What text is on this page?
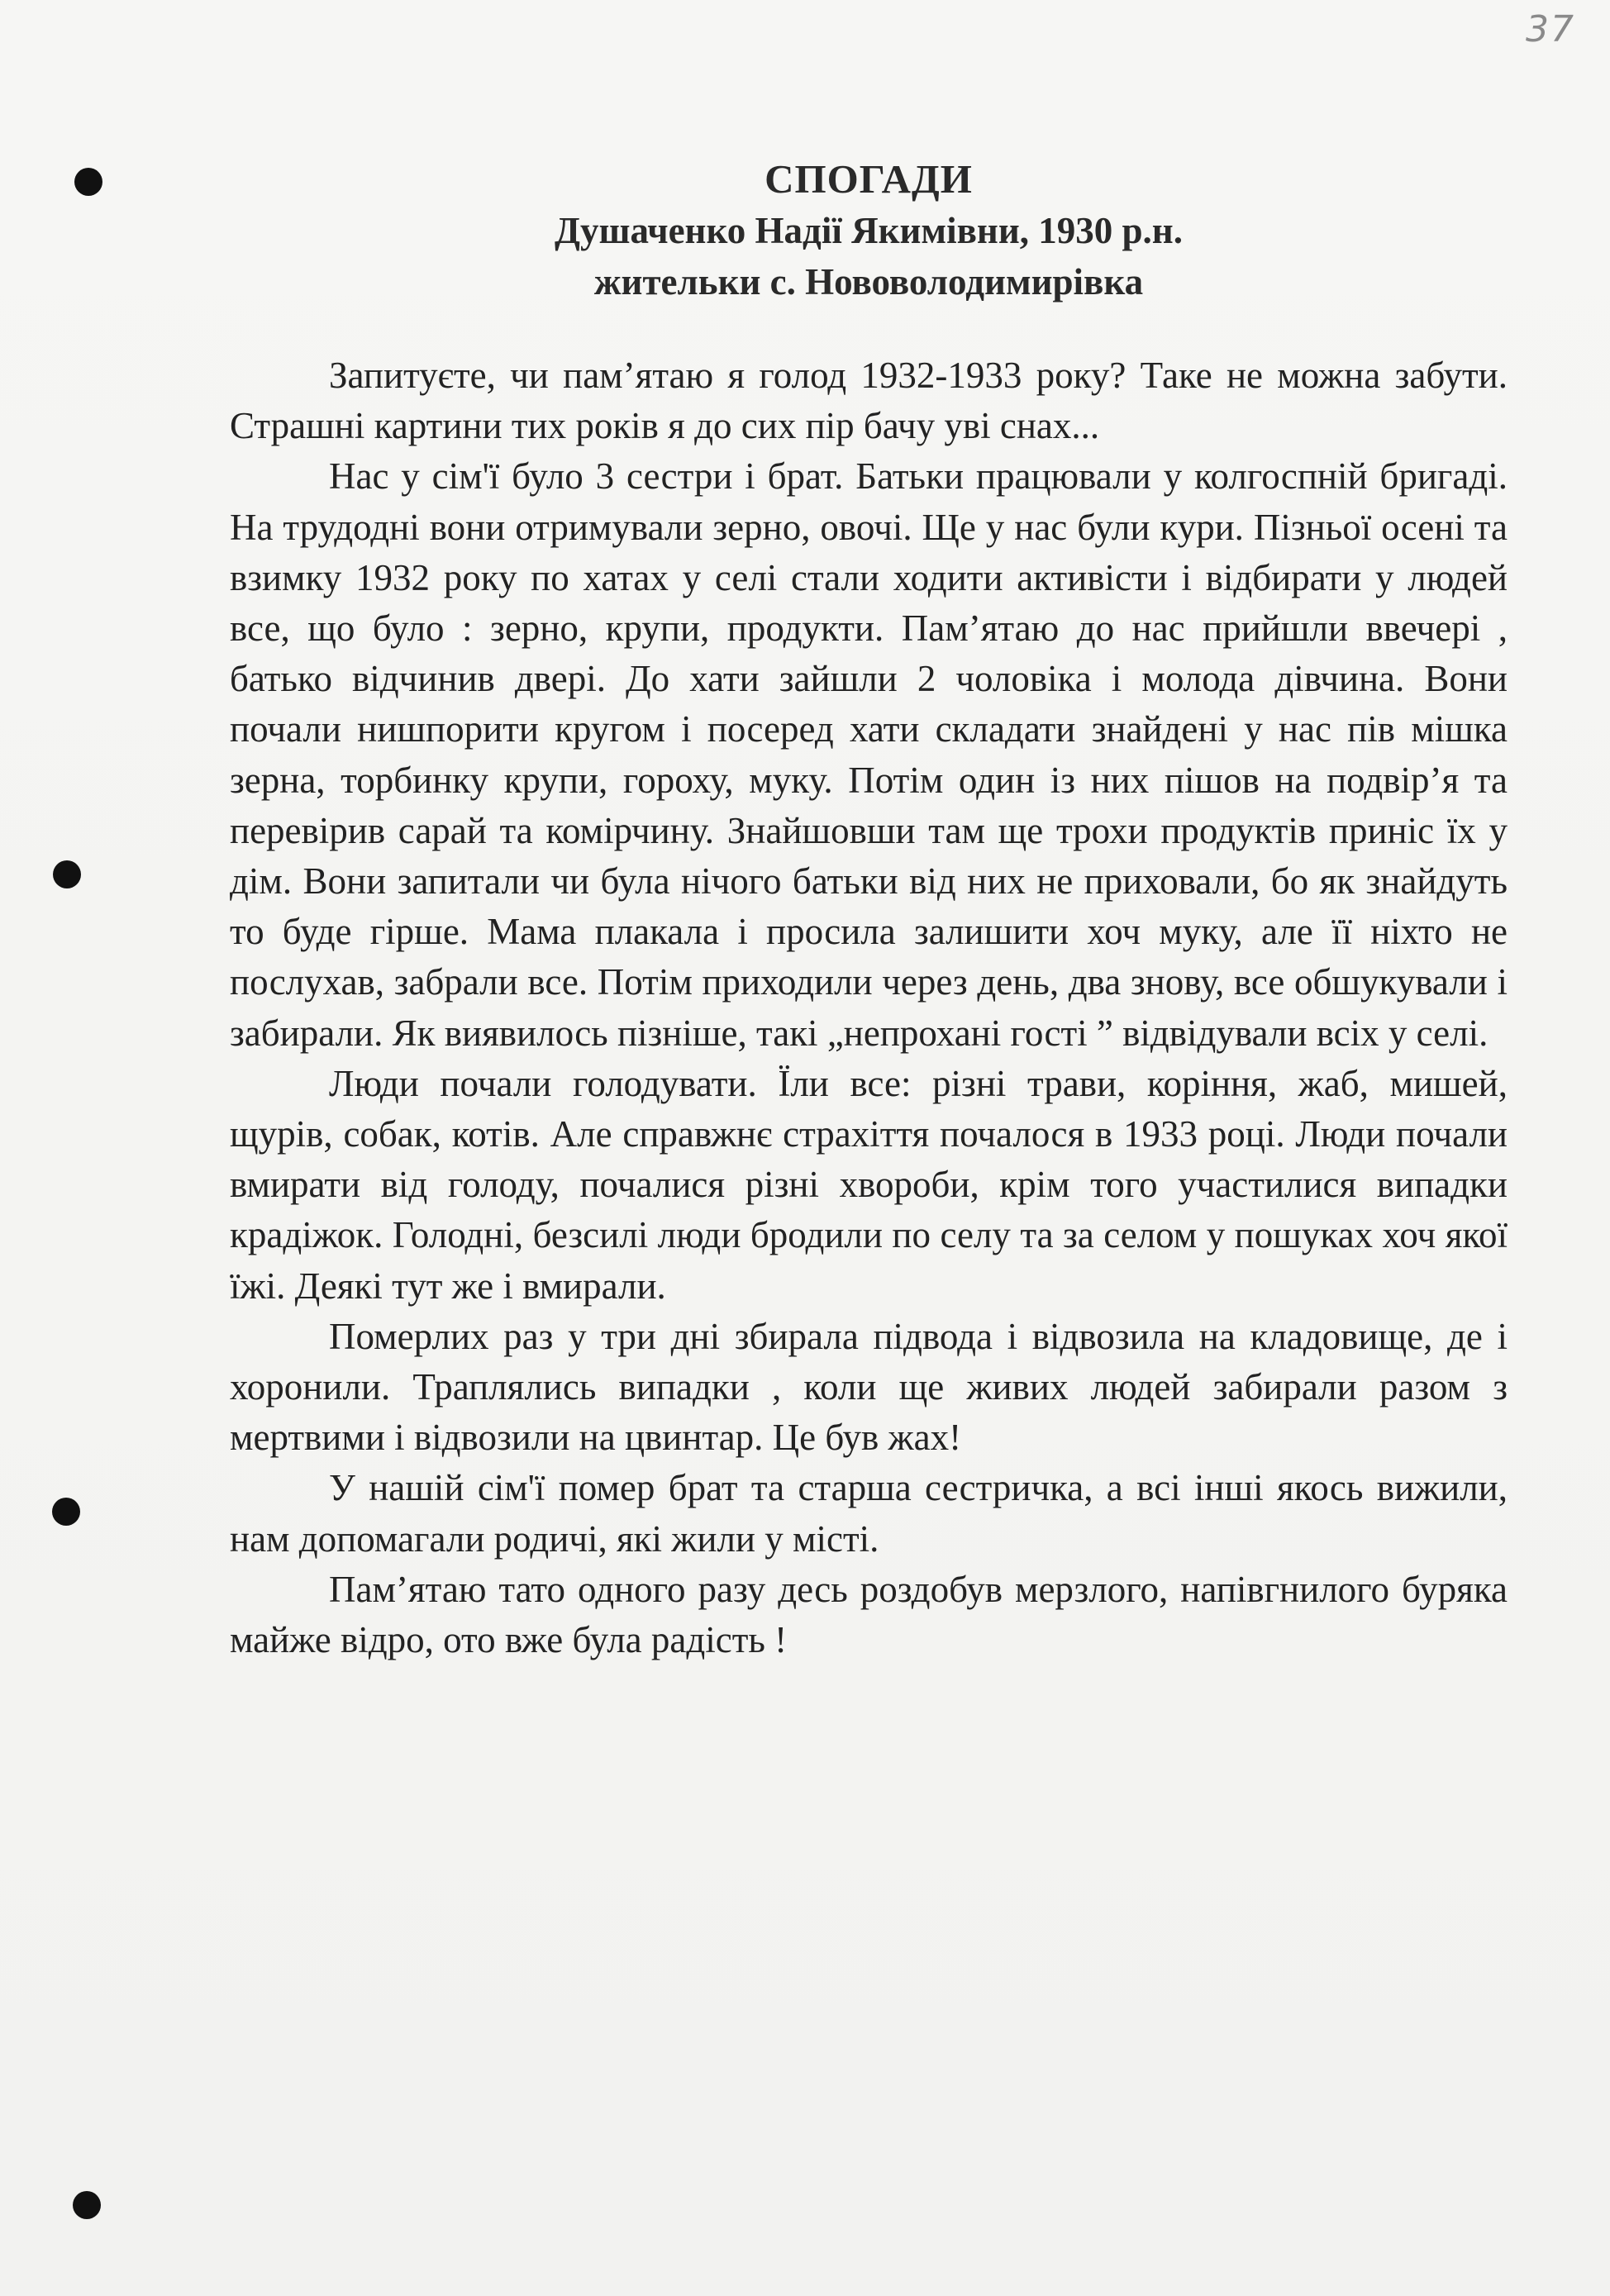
37
СПОГАДИ
Душаченко Надії Якимівни, 1930 р.н.
жительки с. Нововолодимирівка

Запитуєте, чи пам’ятаю я голод 1932-1933 року? Таке не можна забути. Страшні картини тих років я до сих пір бачу уві снах...

Нас у сім'ї було 3 сестри і брат. Батьки працювали у колгоспній бригаді. На трудодні вони отримували зерно, овочі. Ще у нас були кури. Пізньої осені та взимку 1932 року по хатах у селі стали ходити активісти і відбирати у людей все, що було : зерно, крупи, продукти. Пам’ятаю до нас прийшли ввечері , батько відчинив двері. До хати зайшли 2 чоловіка і молода дівчина. Вони почали нишпорити кругом і посеред хати складати знайдені у нас пів мішка зерна, торбинку крупи, гороху, муку. Потім один із них пішов на подвір’я та перевірив сарай та комірчину. Знайшовши там ще трохи продуктів приніс їх у дім. Вони запитали чи була нічого батьки від них не приховали, бо як знайдуть то буде гірше. Мама плакала і просила залишити хоч муку, але її ніхто не послухав, забрали все. Потім приходили через день, два знову, все обшукували і забирали. Як виявилось пізніше, такі „непрохані гості ” відвідували всіх у селі.

Люди почали голодувати. Їли все: різні трави, коріння, жаб, мишей, щурів, собак, котів. Але справжнє страхіття почалося в 1933 році. Люди почали вмирати від голоду, почалися різні хвороби, крім того участилися випадки крадіжок. Голодні, безсилі люди бродили по селу та за селом у пошуках хоч якої їжі. Деякі тут же і вмирали.

Померлих раз у три дні збирала підвода і відвозила на кладовище, де і хоронили. Траплялись випадки , коли ще живих людей забирали разом з мертвими і відвозили на цвинтар. Це був жах!

У нашій сім'ї помер брат та старша сестричка, а всі інші якось вижили, нам допомагали родичі, які жили у місті.

Пам’ятаю тато одного разу десь роздобув мерзлого, напівгнилого буряка майже відро, ото вже була радість !
